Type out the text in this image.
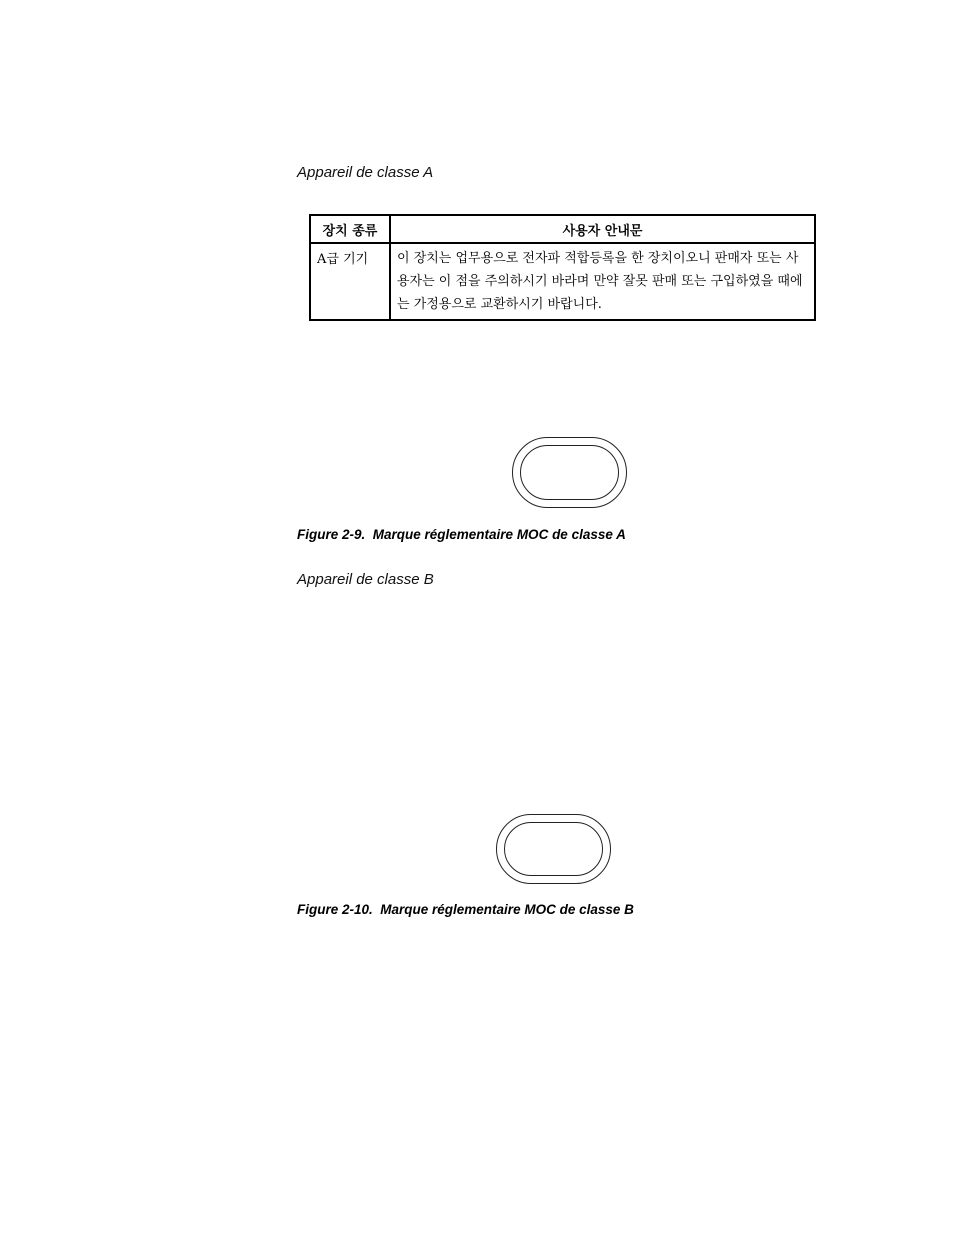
Appareil de classe A
장치 종류	사용자 안내문
A급 기기	이 장치는 업무용으로 전자파 적합등록을 한 장치이오니 판매자 또는 사용자는 이 점을 주의하시기 바라며 만약 잘못 판매 또는 구입하였을 때에는 가정용으로 교환하시기 바랍니다.
Figure 2-9.  Marque réglementaire MOC de classe A
Appareil de classe B
Figure 2-10.  Marque réglementaire MOC de classe B
